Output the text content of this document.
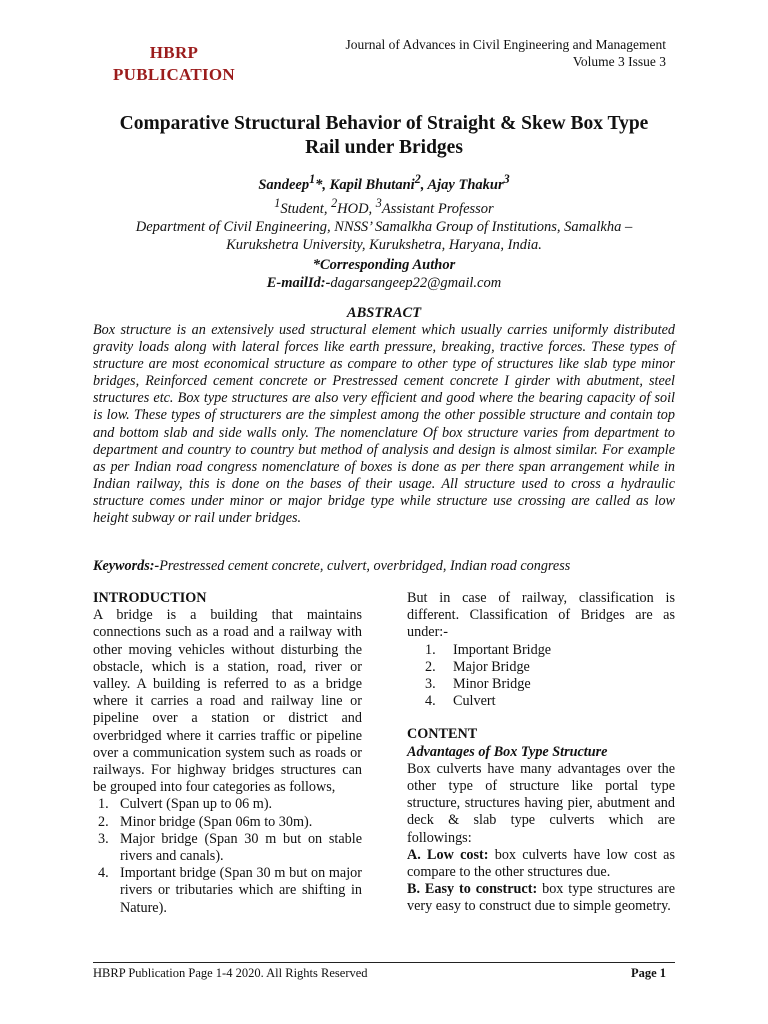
HBRP
PUBLICATION
Journal of Advances in Civil Engineering and Management
Volume 3 Issue 3
Comparative Structural Behavior of Straight & Skew Box Type
Rail under Bridges
Sandeep$^1$*, Kapil Bhutani$^2$, Ajay Thakur$^3$
$^1$Student, $^2$HOD, $^3$Assistant Professor
Department of Civil Engineering, NNSS’ Samalkha Group of Institutions, Samalkha –
Kurukshetra University, Kurukshetra, Haryana, India.
*Corresponding Author
E-mailId:-dagarsangeep22@gmail.com
ABSTRACT

Box structure is an extensively used structural element which usually carries uniformly distributed gravity loads along with lateral forces like earth pressure, breaking, tractive forces. These types of structure are most economical structure as compare to other type of structures like slab type minor bridges, Reinforced cement concrete or Prestressed cement concrete I girder with abutment, steel structures etc. Box type structures are also very efficient and good where the bearing capacity of soil is low. These types of structurers are the simplest among the other possible structure and contain top and bottom slab and side walls only. The nomenclature Of box structure varies from department to department and country to country but method of analysis and design is almost similar. For example as per Indian road congress nomenclature of boxes is done as per there span arrangement while in Indian railway, this is done on the bases of their usage. All structure used to cross a hydraulic structure comes under minor or major bridge type while structure use crossing are called as low height subway or rail under bridges.

Keywords:-Prestressed cement concrete, culvert, overbridged, Indian road congress

INTRODUCTION

A bridge is a building that maintains connections such as a road and a railway with other moving vehicles without disturbing the obstacle, which is a station, road, river or valley. A building is referred to as a bridge where it carries a road and railway line or pipeline over a station or district and overbridged where it carries traffic or pipeline over a communication system such as roads or railways. For highway bridges structures can be grouped into four categories as follows,

1. Culvert (Span up to 06 m).
2. Minor bridge (Span 06m to 30m).
3. Major bridge (Span 30 m but on stable rivers and canals).
4. Important bridge (Span 30 m but on major rivers or tributaries which are shifting in Nature).

But in case of railway, classification is different. Classification of Bridges are as under:-

1. Important Bridge
2. Major Bridge
3. Minor Bridge
4. Culvert

CONTENT

Advantages of Box Type Structure

Box culverts have many advantages over the other type of structure like portal type structure, structures having pier, abutment and deck & slab type culverts which are followings:

A. Low cost: box culverts have low cost as compare to the other structures due.

B. Easy to construct: box type structures are very easy to construct due to simple geometry.

HBRP Publication Page 1-4 2020. All Rights Reserved	Page 1
